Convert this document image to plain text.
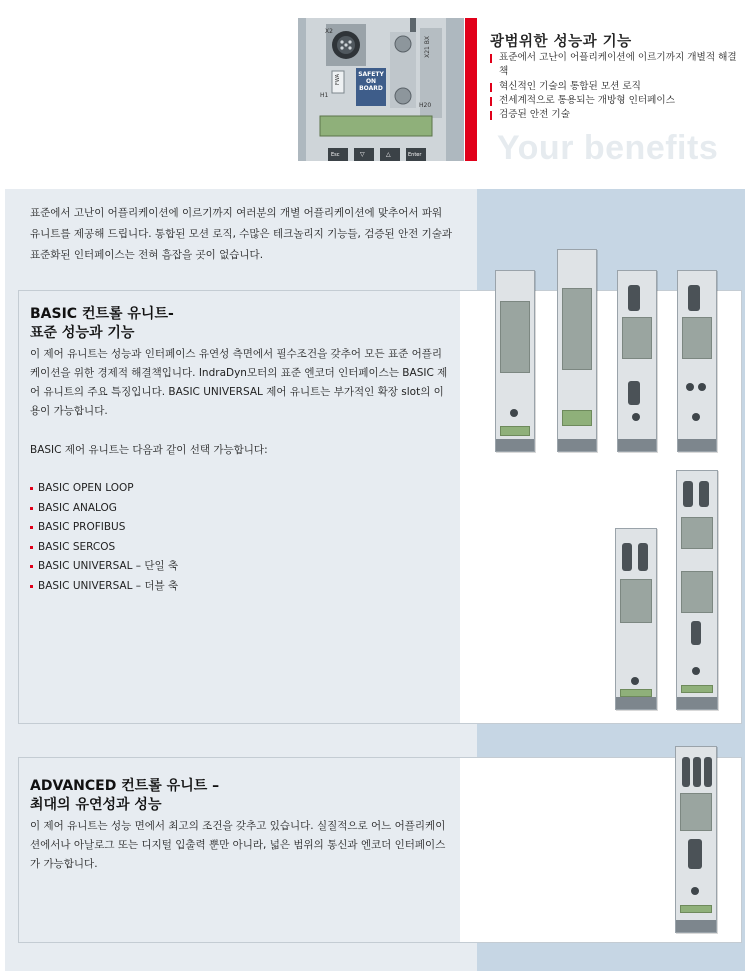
X2
X21 BX
H1
FWA	SAFETY ON BOARD
H20
Esc	▽	△	Enter Your benefits
광범위한 성능과 기능
표준에서 고난이 어플리케이션에 이르기까지 개별적 해결책
혁신적인 기술의 통합된 모션 로직
전세계적으로 통용되는 개방형 인터페이스
검증된 안전 기술
표준에서 고난이 어플리케이션에 이르기까지 여러분의 개별 어플리케이션에 맞추어서 파워 유니트를 제공해 드립니다. 통합된 모션 로직, 수많은 테크놀리지 기능들, 검증된 안전 기술과 표준화된 인터페이스는 전혀 흠잡을 곳이 없습니다.
BASIC 컨트롤 유니트-
표준 성능과 기능
이 제어 유니트는 성능과 인터페이스 유연성 측면에서 필수조건을 갖추어 모든 표준 어플리케이션을 위한 경제적 해결책입니다. IndraDyn모터의 표준 엔코더 인터페이스는 BASIC 제어 유니트의 주요 특징입니다. BASIC UNIVERSAL 제어 유니트는 부가적인 확장 slot의 이용이 가능합니다.
BASIC 제어 유니트는 다음과 같이 선택 가능합니다:
BASIC OPEN LOOP
BASIC ANALOG
BASIC PROFIBUS
BASIC SERCOS
BASIC UNIVERSAL – 단일 축
BASIC UNIVERSAL – 더블 축
ADVANCED 컨트롤 유니트 –
최대의 유연성과 성능
이 제어 유니트는 성능 면에서 최고의 조건을 갖추고 있습니다. 실질적으로 어느 어플리케이션에서나 아날로그 또는 디지털 입출력 뿐만 아니라, 넓은 범위의 통신과 엔코더 인터페이스가 가능합니다.
